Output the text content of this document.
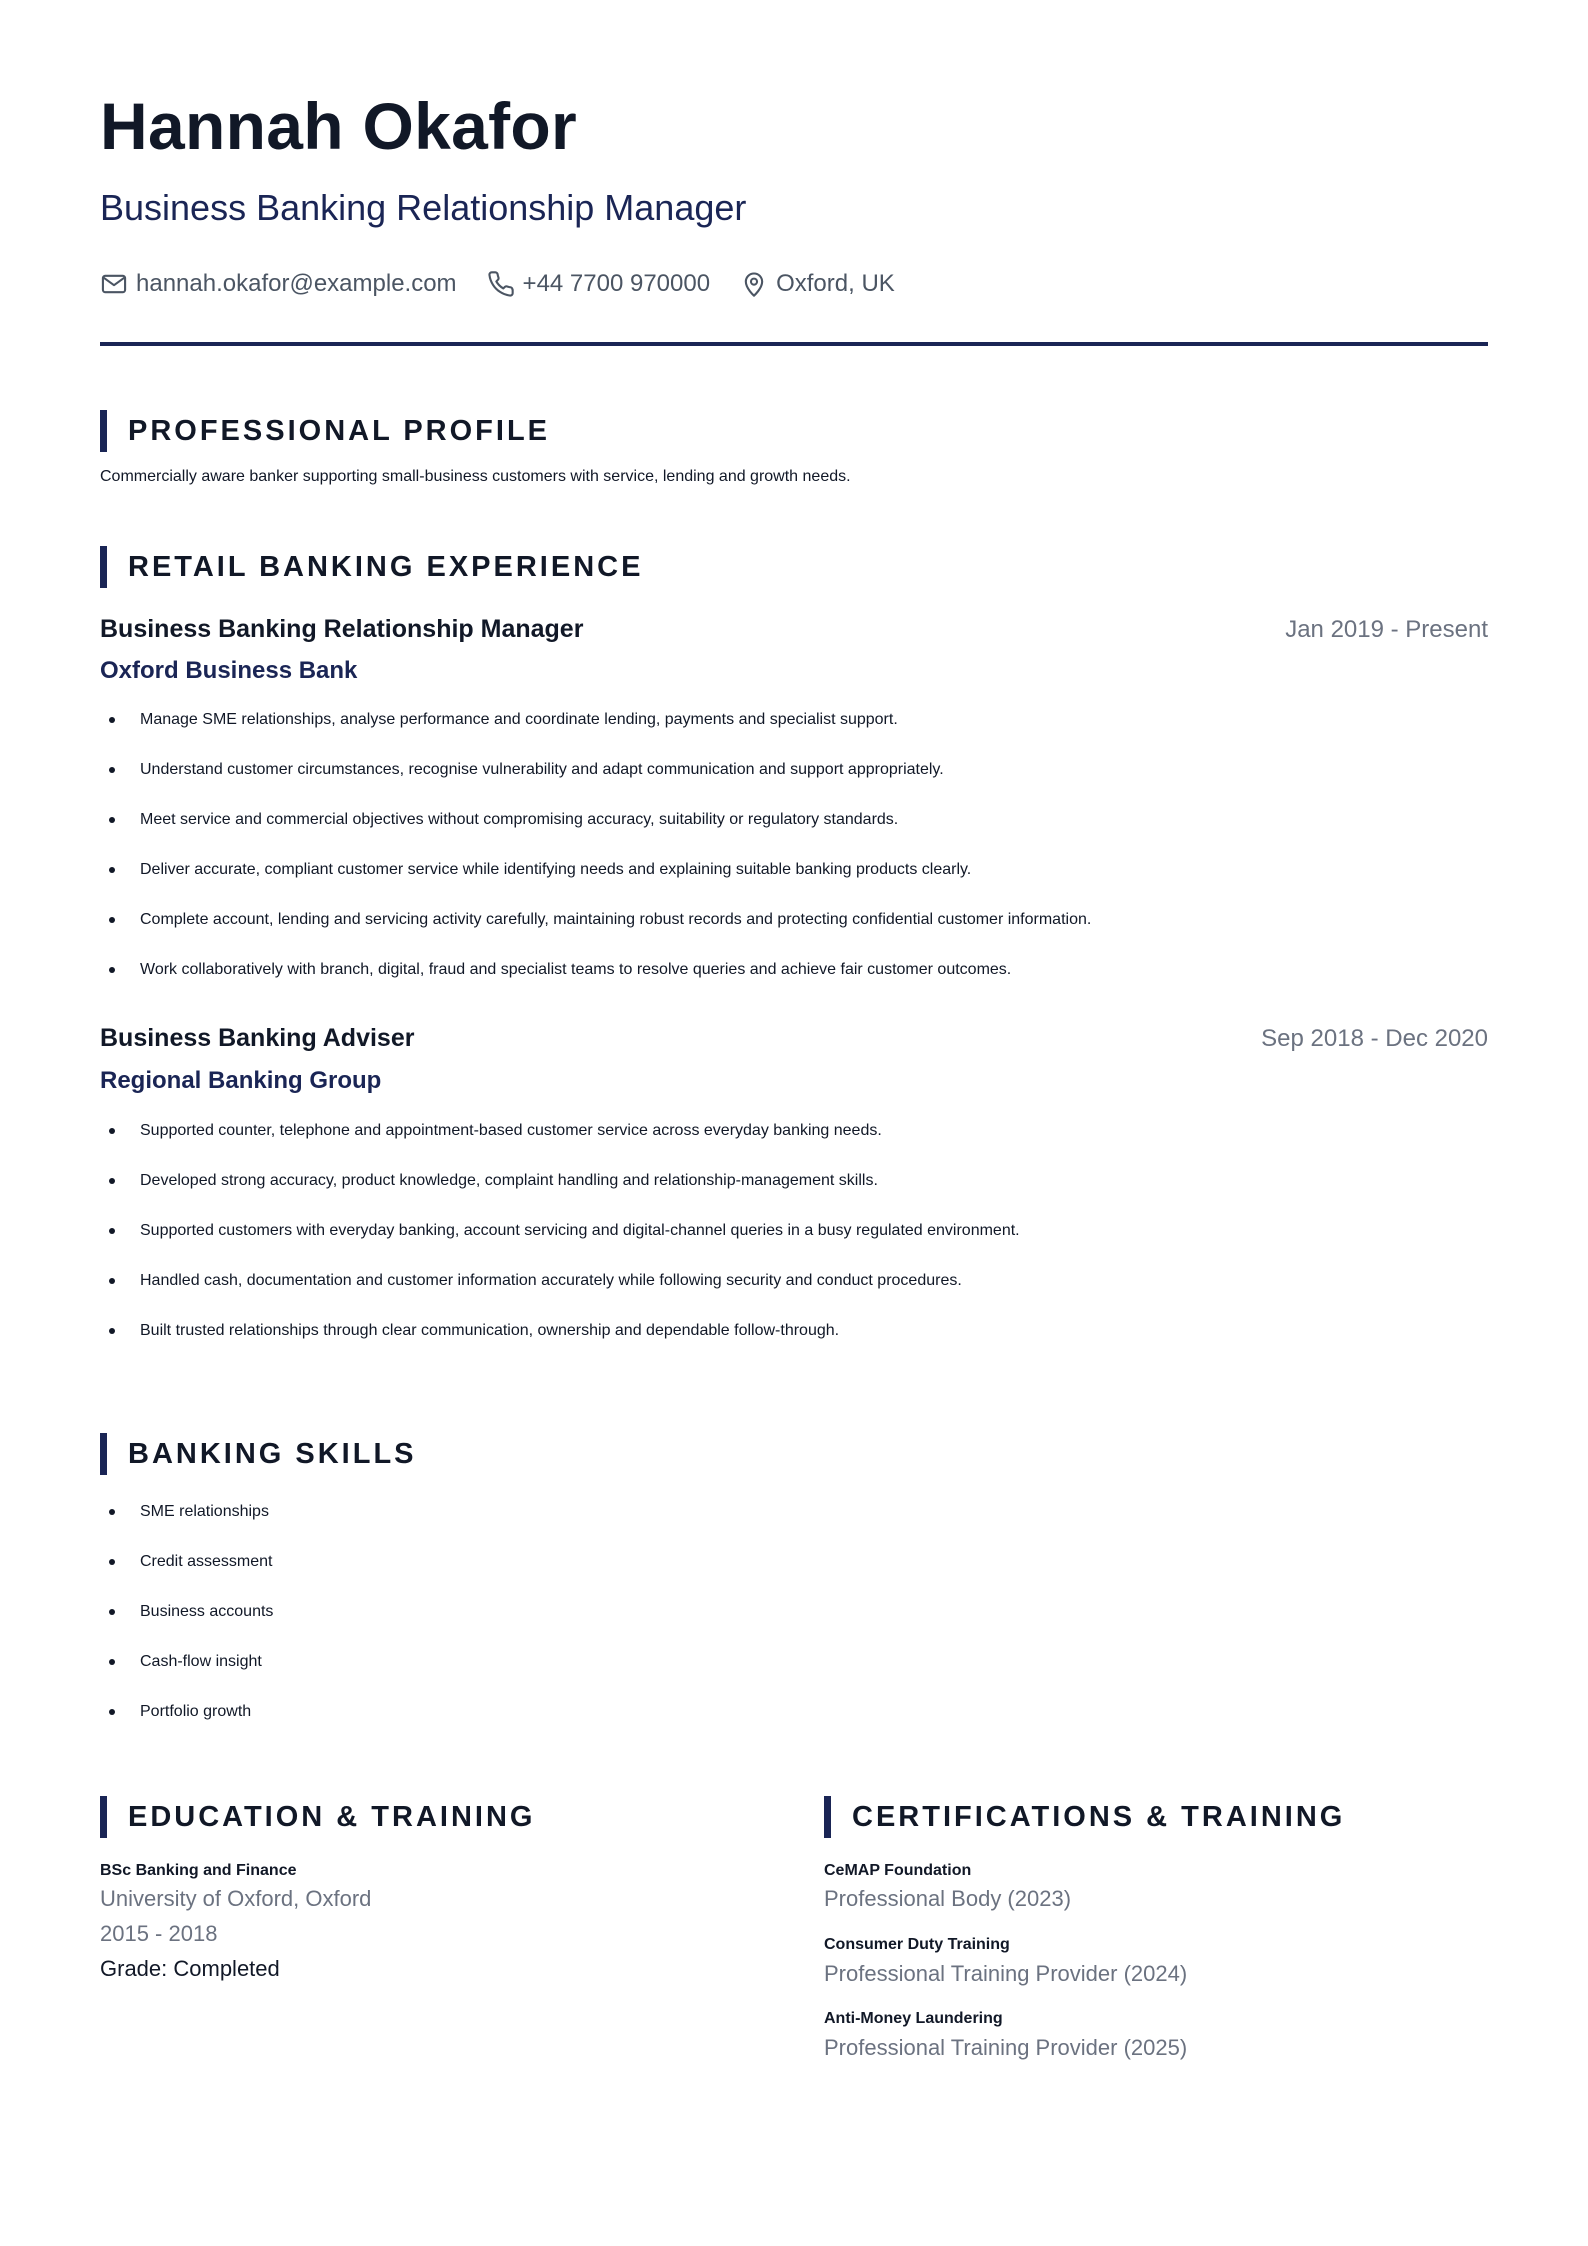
Hannah Okafor
Business Banking Relationship Manager
hannah.okafor@example.com	+44 7700 970000	Oxford, UK
PROFESSIONAL PROFILE
Commercially aware banker supporting small-business customers with service, lending and growth needs.
RETAIL BANKING EXPERIENCE
Business Banking Relationship Manager	Jan 2019 - Present
Oxford Business Bank
Manage SME relationships, analyse performance and coordinate lending, payments and specialist support.
Understand customer circumstances, recognise vulnerability and adapt communication and support appropriately.
Meet service and commercial objectives without compromising accuracy, suitability or regulatory standards.
Deliver accurate, compliant customer service while identifying needs and explaining suitable banking products clearly.
Complete account, lending and servicing activity carefully, maintaining robust records and protecting confidential customer information.
Work collaboratively with branch, digital, fraud and specialist teams to resolve queries and achieve fair customer outcomes.
Business Banking Adviser	Sep 2018 - Dec 2020
Regional Banking Group
Supported counter, telephone and appointment-based customer service across everyday banking needs.
Developed strong accuracy, product knowledge, complaint handling and relationship-management skills.
Supported customers with everyday banking, account servicing and digital-channel queries in a busy regulated environment.
Handled cash, documentation and customer information accurately while following security and conduct procedures.
Built trusted relationships through clear communication, ownership and dependable follow-through.
BANKING SKILLS
SME relationships
Credit assessment
Business accounts
Cash-flow insight
Portfolio growth
EDUCATION & TRAINING
BSc Banking and Finance
University of Oxford, Oxford
2015 - 2018
Grade: Completed
CERTIFICATIONS & TRAINING
CeMAP Foundation
Professional Body (2023)
Consumer Duty Training
Professional Training Provider (2024)
Anti-Money Laundering
Professional Training Provider (2025)
